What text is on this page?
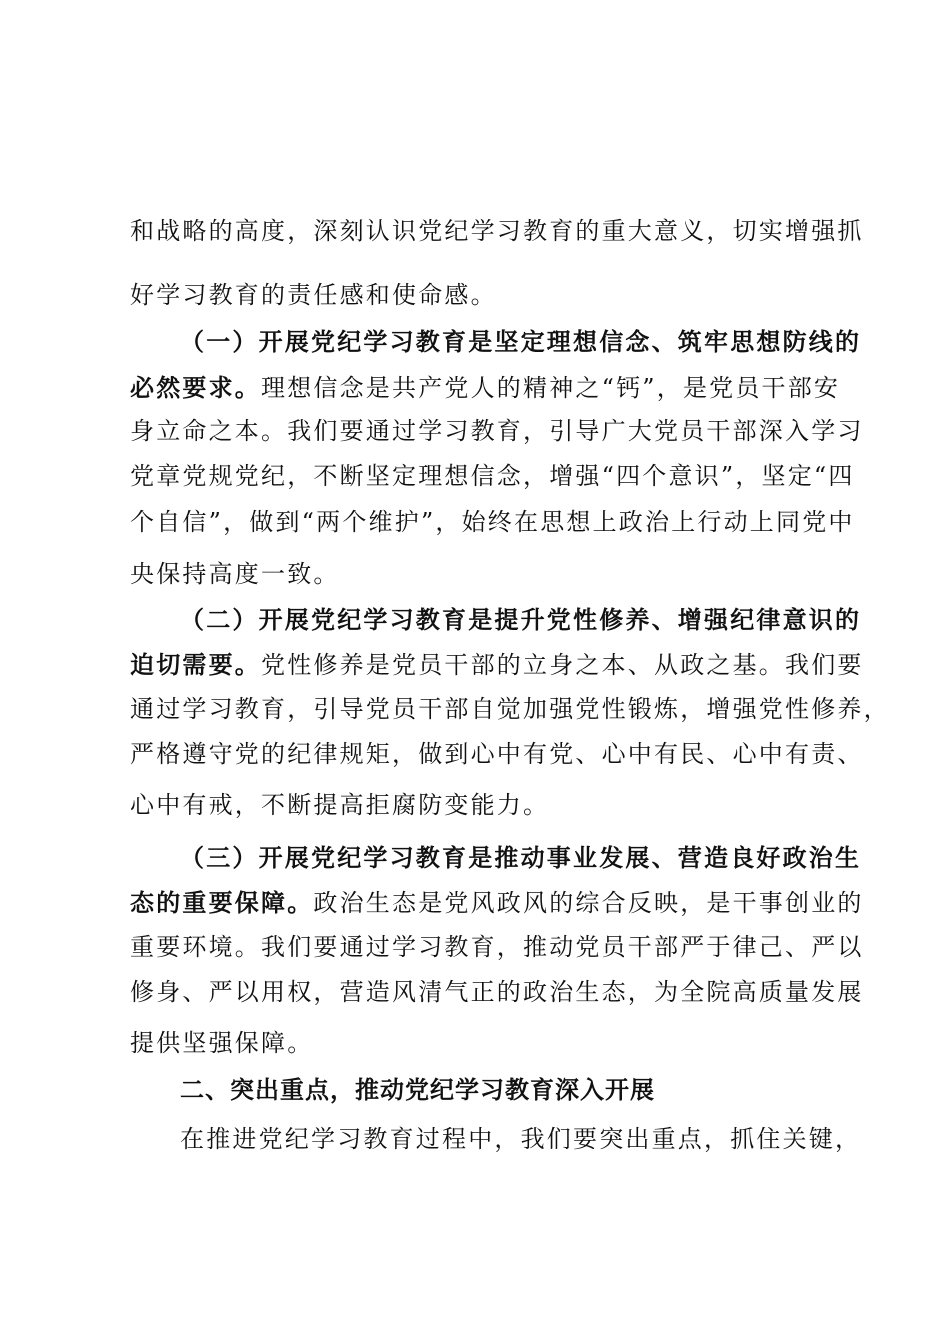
和战略的高度，深刻认识党纪学习教育的重大意义，切实增强抓
好学习教育的责任感和使命感。
（一）开展党纪学习教育是坚定理想信念、筑牢思想防线的
必然要求。理想信念是共产党人的精神之“钙”，是党员干部安
身立命之本。我们要通过学习教育，引导广大党员干部深入学习
党章党规党纪，不断坚定理想信念，增强“四个意识”，坚定“四
个自信”，做到“两个维护”，始终在思想上政治上行动上同党中
央保持高度一致。
（二）开展党纪学习教育是提升党性修养、增强纪律意识的
迫切需要。党性修养是党员干部的立身之本、从政之基。我们要
通过学习教育，引导党员干部自觉加强党性锻炼，增强党性修养，
严格遵守党的纪律规矩，做到心中有党、心中有民、心中有责、
心中有戒，不断提高拒腐防变能力。
（三）开展党纪学习教育是推动事业发展、营造良好政治生
态的重要保障。政治生态是党风政风的综合反映，是干事创业的
重要环境。我们要通过学习教育，推动党员干部严于律己、严以
修身、严以用权，营造风清气正的政治生态，为全院高质量发展
提供坚强保障。
二、突出重点，推动党纪学习教育深入开展
在推进党纪学习教育过程中，我们要突出重点，抓住关键，
